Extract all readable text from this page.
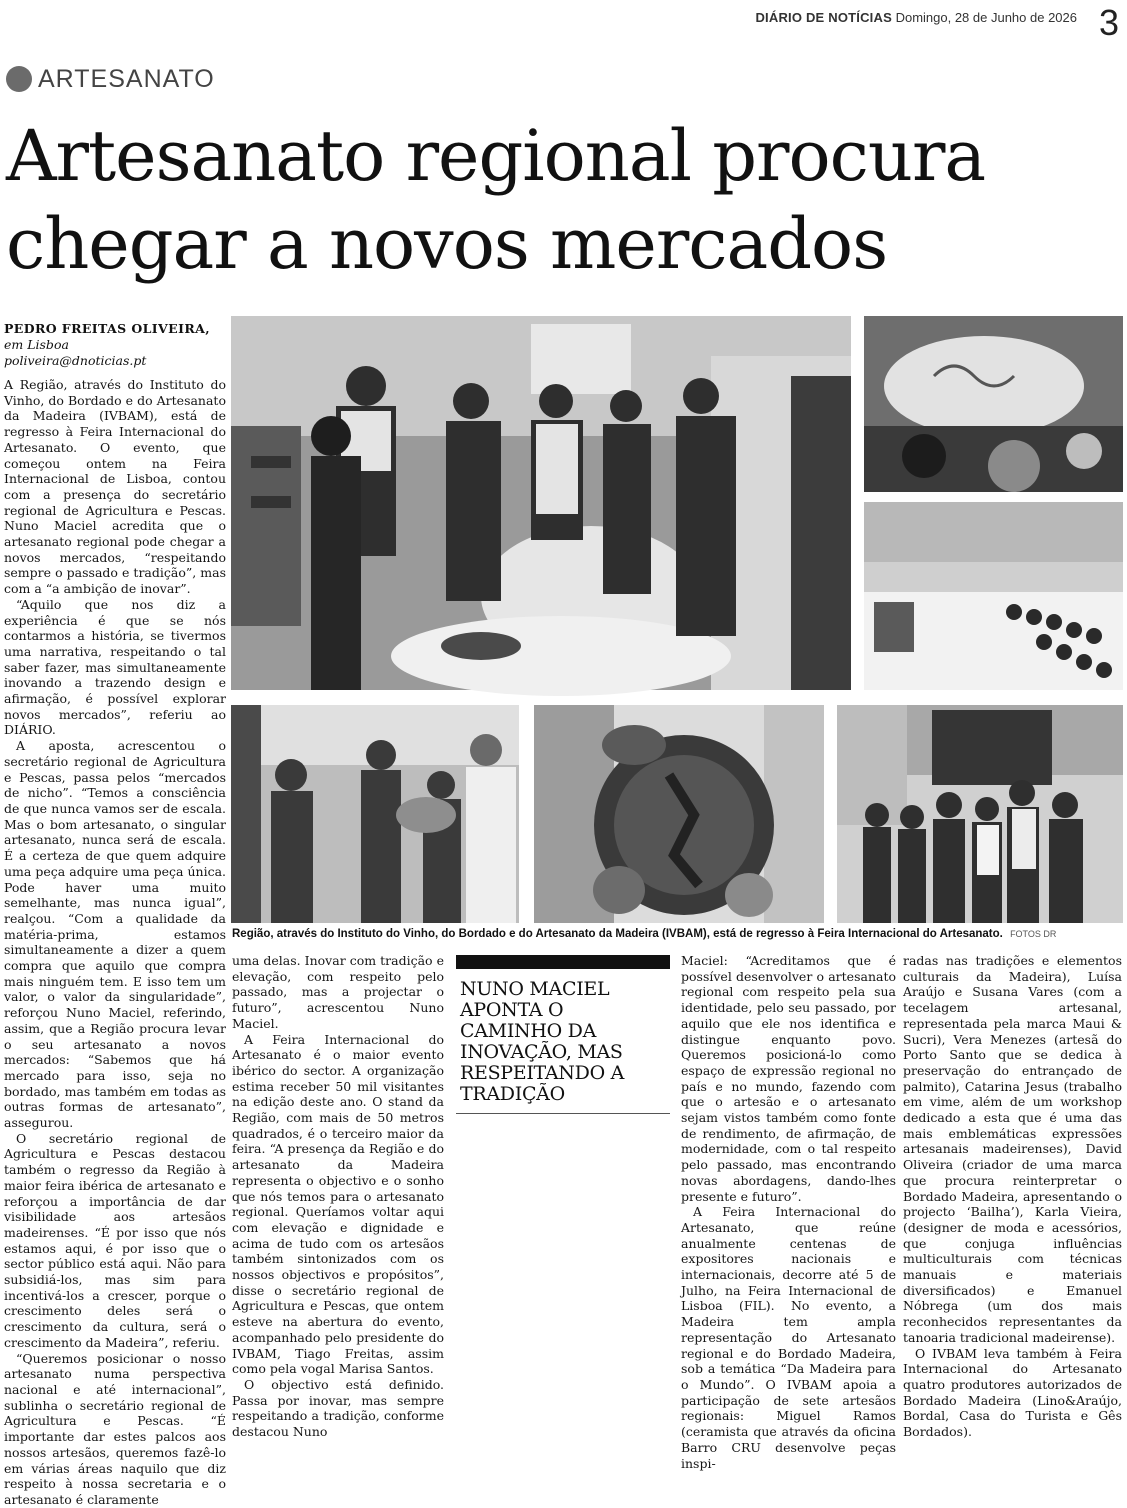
DIÁRIO DE NOTÍCIAS Domingo, 28 de Junho de 2026 3
ARTESANATO
Artesanato regional procura chegar a novos mercados
PEDRO FREITAS OLIVEIRA,
em Lisboa
poliveira@dnoticias.pt

A Região, através do Instituto do Vinho, do Bordado e do Artesanato da Madeira (IVBAM), está de regresso à Feira Internacional do Artesanato. O evento, que começou ontem na Feira Internacional de Lisboa, contou com a presença do secretário regional de Agricultura e Pescas. Nuno Maciel acredita que o artesanato regional pode chegar a novos mercados, “respeitando sempre o passado e tradição”, mas com a “a ambição de inovar”.

“Aquilo que nos diz a experiência é que se nós contarmos a história, se tivermos uma narrativa, respeitando o tal saber fazer, mas simultaneamente inovando a trazendo design e afirmação, é possível explorar novos mercados”, referiu ao DIÁRIO.

A aposta, acrescentou o secretário regional de Agricultura e Pescas, passa pelos “mercados de nicho”. “Temos a consciência de que nunca vamos ser de escala. Mas o bom artesanato, o singular artesanato, nunca será de escala. É a certeza de que quem adquire uma peça adquire uma peça única. Pode haver uma muito semelhante, mas nunca igual”, realçou. “Com a qualidade da matéria-prima, estamos simultaneamente a dizer a quem compra que aquilo que compra mais ninguém tem. E isso tem um valor, o valor da singularidade”, reforçou Nuno Maciel, referindo, assim, que a Região procura levar o seu artesanato a novos mercados: “Sabemos que há mercado para isso, seja no bordado, mas também em todas as outras formas de artesanato”, assegurou.

O secretário regional de Agricultura e Pescas destacou também o regresso da Região à maior feira ibérica de artesanato e reforçou a importância de dar visibilidade aos artesãos madeirenses. “É por isso que nós estamos aqui, é por isso que o sector público está aqui. Não para subsidiá-los, mas sim para incentivá-los a crescer, porque o crescimento deles será o crescimento da cultura, será o crescimento da Madeira”, referiu.

“Queremos posicionar o nosso artesanato numa perspectiva nacional e até internacional”, sublinha o secretário regional de Agricultura e Pescas. “É importante dar estes palcos aos nossos artesãos, queremos fazê-lo em várias áreas naquilo que diz respeito à nossa secretaria e o artesanato é claramente

Região, através do Instituto do Vinho, do Bordado e do Artesanato da Madeira (IVBAM), está de regresso à Feira Internacional do Artesanato. FOTOS DR

uma delas. Inovar com tradição e elevação, com respeito pelo passado, mas a projectar o futuro”, acrescentou Nuno Maciel.

A Feira Internacional do Artesanato é o maior evento ibérico do sector. A organização estima receber 50 mil visitantes na edição deste ano. O stand da Região, com mais de 50 metros quadrados, é o terceiro maior da feira. “A presença da Região e do artesanato da Madeira representa o objectivo e o sonho que nós temos para o artesanato regional. Queríamos voltar aqui com elevação e dignidade e acima de tudo com os artesãos também sintonizados com os nossos objectivos e propósitos”, disse o secretário regional de Agricultura e Pescas, que ontem esteve na abertura do evento, acompanhado pelo presidente do IVBAM, Tiago Freitas, assim como pela vogal Marisa Santos.

O objectivo está definido. Passa por inovar, mas sempre respeitando a tradição, conforme destacou Nuno

NUNO MACIEL APONTA O CAMINHO DA INOVAÇÃO, MAS RESPEITANDO A TRADIÇÃO

Maciel: “Acreditamos que é possível desenvolver o artesanato regional com respeito pela sua identidade, pelo seu passado, por aquilo que ele nos identifica e distingue enquanto povo. Queremos posicioná-lo como espaço de expressão regional no país e no mundo, fazendo com que o artesão e o artesanato sejam vistos também como fonte de rendimento, de afirmação, de modernidade, com o tal respeito pelo passado, mas encontrando novas abordagens, dando-lhes presente e futuro”.

A Feira Internacional do Artesanato, que reúne anualmente centenas de expositores nacionais e internacionais, decorre até 5 de Julho, na Feira Internacional de Lisboa (FIL). No evento, a Madeira tem ampla representação do Artesanato regional e do Bordado Madeira, sob a temática “Da Madeira para o Mundo”. O IVBAM apoia a participação de sete artesãos regionais: Miguel Ramos (ceramista que através da oficina Barro CRU desenvolve peças inspi-

radas nas tradições e elementos culturais da Madeira), Luísa Araújo e Susana Vares (com a tecelagem artesanal, representada pela marca Maui & Sucri), Vera Menezes (artesã do Porto Santo que se dedica à preservação do entrançado de palmito), Catarina Jesus (trabalho em vime, além de um workshop dedicado a esta que é uma das mais emblemáticas expressões artesanais madeirenses), David Oliveira (criador de uma marca que procura reinterpretar o Bordado Madeira, apresentando o projecto ‘Bailha’), Karla Vieira, (designer de moda e acessórios, que conjuga influências multiculturais com técnicas manuais e materiais diversificados) e Emanuel Nóbrega (um dos mais reconhecidos representantes da tanoaria tradicional madeirense).

O IVBAM leva também à Feira Internacional do Artesanato quatro produtores autorizados de Bordado Madeira (Lino&Araújo, Bordal, Casa do Turista e Gês Bordados).
